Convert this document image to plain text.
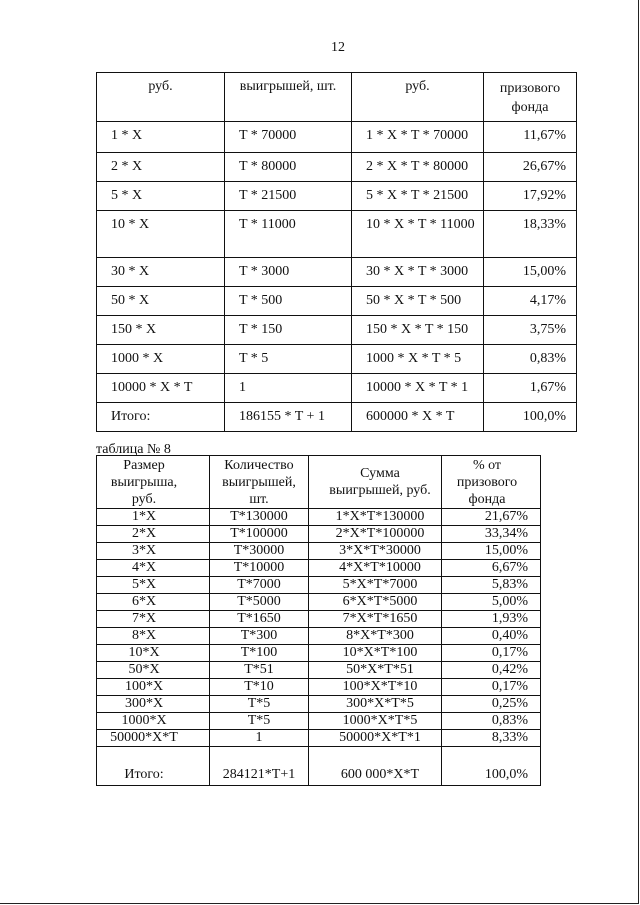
12
руб.	выигрышей, шт.	руб.	призового фонда
1 * X	T * 70000	1 * X * T * 70000	11,67%
2 * X	T * 80000	2 * X * T * 80000	26,67%
5 * X	T * 21500	5 * X * T * 21500	17,92%
10 * X	T * 11000	10 * X * T * 11000	18,33%
30 * X	T * 3000	30 * X * T * 3000	15,00%
50 * X	T * 500	50 * X * T * 500	4,17%
150 * X	T * 150	150 * X * T * 150	3,75%
1000 * X	T * 5	1000 * X * T * 5	0,83%
10000 * X * T	1	10000 * X * T * 1	1,67%
Итого:	186155 * T + 1	600000 * X * T	100,0%
таблица № 8
Размер выигрыша, руб.	Количество выигрышей, шт.	Сумма выигрышей, руб.	% от призового фонда
1*X	T*130000	1*X*T*130000	21,67%
2*X	T*100000	2*X*T*100000	33,34%
3*X	T*30000	3*X*T*30000	15,00%
4*X	T*10000	4*X*T*10000	6,67%
5*X	T*7000	5*X*T*7000	5,83%
6*X	T*5000	6*X*T*5000	5,00%
7*X	T*1650	7*X*T*1650	1,93%
8*X	T*300	8*X*T*300	0,40%
10*X	T*100	10*X*T*100	0,17%
50*X	T*51	50*X*T*51	0,42%
100*X	T*10	100*X*T*10	0,17%
300*X	T*5	300*X*T*5	0,25%
1000*X	T*5	1000*X*T*5	0,83%
50000*X*T	1	50000*X*T*1	8,33%
Итого:	284121*T+1	600 000*X*T	100,0%
